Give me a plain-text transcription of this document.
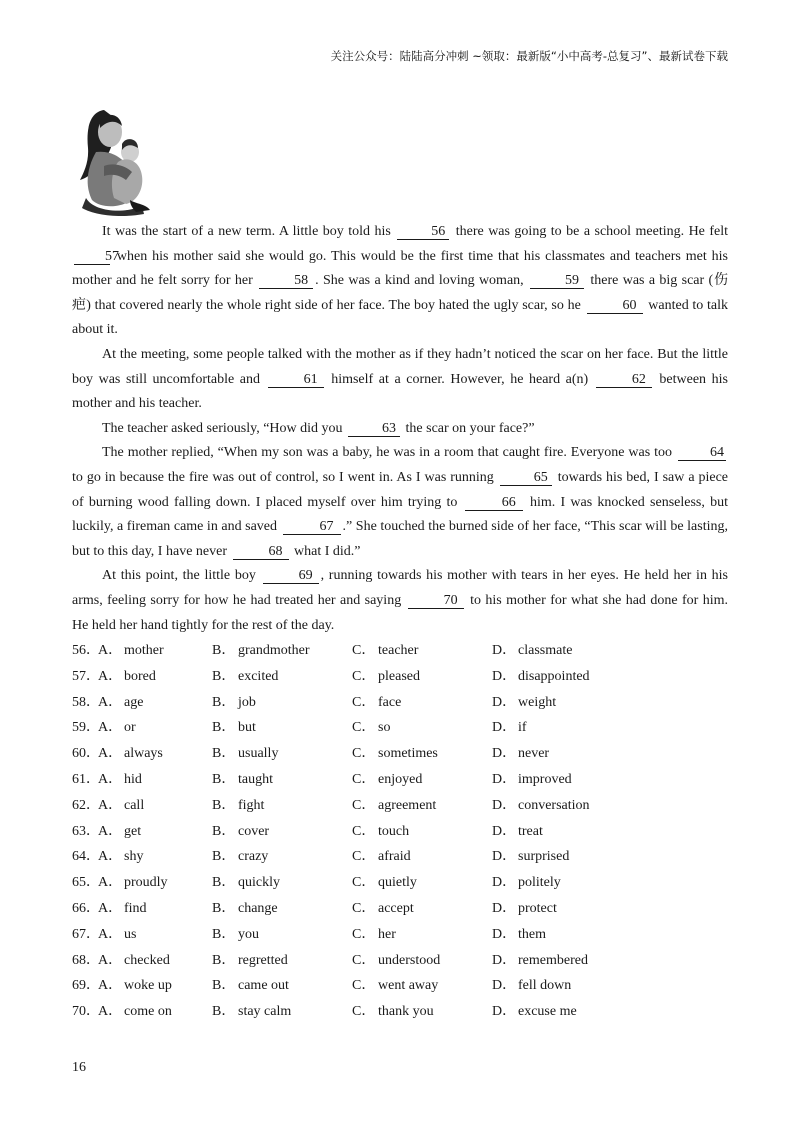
关注公众号：陆陆高分冲刺 ~领取：最新版“小中高考-总复习”、最新试卷下载

It was the start of a new term. A little boy told his	56 there was going to be a school meeting. He felt 57 when his mother said she would go. This would be the first time that his classmates and teachers met his mother and he felt sorry for her	58 . She was a kind and loving woman,	59 there was a big scar (伤疤) that covered nearly the whole right side of her face. The boy hated the ugly scar, so he	60 wanted to talk about it.

At the meeting, some people talked with the mother as if they hadn’t noticed the scar on her face. But the little boy was still uncomfortable and	61 himself at a corner. However, he heard a(n)	62 between his mother and his teacher.

The teacher asked seriously, “How did you	63 the scar on your face?”

The mother replied, “When my son was a baby, he was in a room that caught fire. Everyone was too	64 to go in because the fire was out of control, so I went in. As I was running	65 towards his bed, I saw a piece of burning wood falling down. I placed myself over him trying to	66 him. I was knocked senseless, but luckily, a fireman came in and saved	67 .” She touched the burned side of her face, “This scar will be lasting, but to this day, I have never	68 what I did.”

At this point, the little boy	69 , running towards his mother with tears in her eyes. He held her in his arms, feeling sorry for how he had treated her and saying	70 to his mother for what she had done for him. He held her hand tightly for the rest of the day.

56．A． mother	B． grandmother	C． teacher	D． classmate
57．A． bored	B． excited	C． pleased	D． disappointed
58．A． age	B． job	C． face	D． weight
59．A． or	B． but	C． so	D． if
60．A． always	B． usually	C． sometimes	D． never
61．A． hid	B． taught	C． enjoyed	D． improved
62．A． call	B． fight	C． agreement	D． conversation
63．A． get	B． cover	C． touch	D． treat
64．A． shy	B． crazy	C． afraid	D． surprised
65．A． proudly	B． quickly	C． quietly	D． politely
66．A． find	B． change	C． accept	D． protect
67．A． us	B． you	C． her	D． them
68．A． checked	B． regretted	C． understood	D． remembered
69．A． woke up	B． came out	C． went away	D． fell down
70．A． come on	B． stay calm	C． thank you	D． excuse me
16
